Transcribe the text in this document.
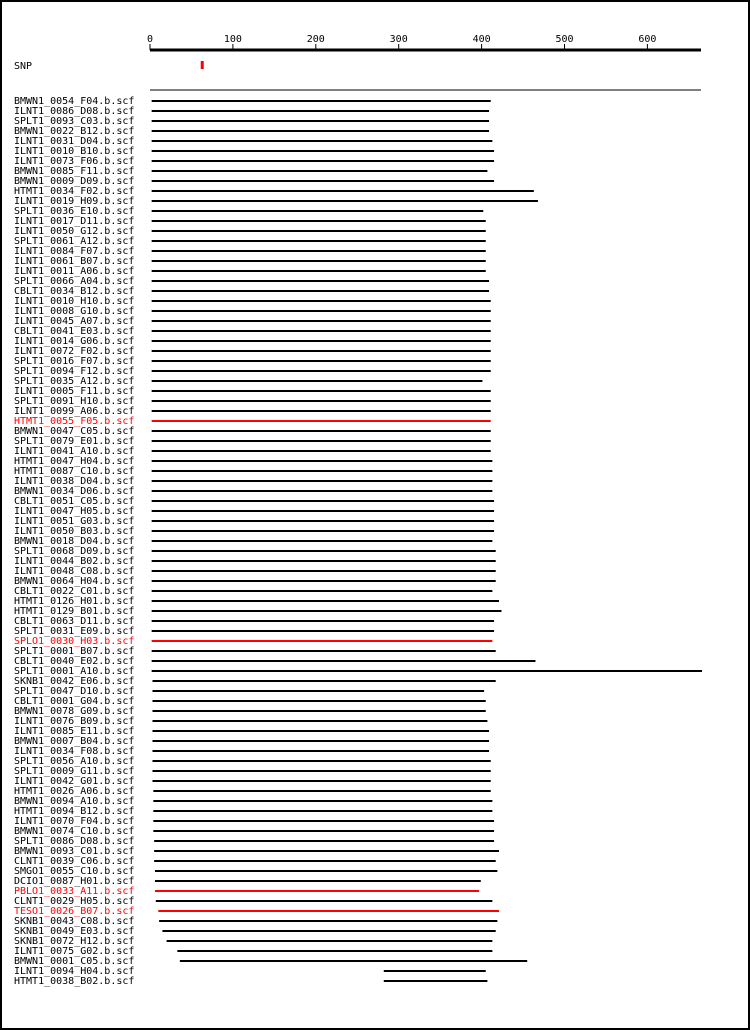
0	100	200	300	400	500	600
SNP
BMWN1_0054_F04.b.scf
ILNT1_0086_D08.b.scf
SPLT1_0093_C03.b.scf
BMWN1_0022_B12.b.scf
ILNT1_0031_D04.b.scf
ILNT1_0010_B10.b.scf
ILNT1_0073_F06.b.scf
BMWN1_0085_F11.b.scf
BMWN1_0009_D09.b.scf
HTMT1_0034_F02.b.scf
ILNT1_0019_H09.b.scf
SPLT1_0036_E10.b.scf
ILNT1_0017_D11.b.scf
ILNT1_0050_G12.b.scf
SPLT1_0061_A12.b.scf
ILNT1_0084_F07.b.scf
ILNT1_0061_B07.b.scf
ILNT1_0011_A06.b.scf
SPLT1_0066_A04.b.scf
CBLT1_0034_B12.b.scf
ILNT1_0010_H10.b.scf
ILNT1_0008_G10.b.scf
ILNT1_0045_A07.b.scf
CBLT1_0041_E03.b.scf
ILNT1_0014_G06.b.scf
ILNT1_0072_F02.b.scf
SPLT1_0016_F07.b.scf
SPLT1_0094_F12.b.scf
SPLT1_0035_A12.b.scf
ILNT1_0005_F11.b.scf
SPLT1_0091_H10.b.scf
ILNT1_0099_A06.b.scf
HTMT1_0055_F05.b.scf
BMWN1_0047_C05.b.scf
SPLT1_0079_E01.b.scf
ILNT1_0041_A10.b.scf
HTMT1_0047_H04.b.scf
HTMT1_0087_C10.b.scf
ILNT1_0038_D04.b.scf
BMWN1_0034_D06.b.scf
CBLT1_0051_C05.b.scf
ILNT1_0047_H05.b.scf
ILNT1_0051_G03.b.scf
ILNT1_0050_B03.b.scf
BMWN1_0018_D04.b.scf
SPLT1_0068_D09.b.scf
ILNT1_0044_B02.b.scf
ILNT1_0048_C08.b.scf
BMWN1_0064_H04.b.scf
CBLT1_0022_C01.b.scf
HTMT1_0126_H01.b.scf
HTMT1_0129_B01.b.scf
CBLT1_0063_D11.b.scf
SPLT1_0031_E09.b.scf
SPLO1_0030_H03.b.scf
SPLT1_0001_B07.b.scf
CBLT1_0040_E02.b.scf
SPLT1_0001_A10.b.scf
SKNB1_0042_E06.b.scf
SPLT1_0047_D10.b.scf
CBLT1_0001_G04.b.scf
BMWN1_0078_G09.b.scf
ILNT1_0076_B09.b.scf
ILNT1_0085_E11.b.scf
BMWN1_0007_B04.b.scf
ILNT1_0034_F08.b.scf
SPLT1_0056_A10.b.scf
SPLT1_0009_G11.b.scf
ILNT1_0042_G01.b.scf
HTMT1_0026_A06.b.scf
BMWN1_0094_A10.b.scf
HTMT1_0094_B12.b.scf
ILNT1_0070_F04.b.scf
BMWN1_0074_C10.b.scf
SPLT1_0086_D08.b.scf
BMWN1_0093_C01.b.scf
CLNT1_0039_C06.b.scf
SMGO1_0055_C10.b.scf
DCIO1_0087_H01.b.scf
PBLO1_0033_A11.b.scf
CLNT1_0029_H05.b.scf
TESO1_0026_B07.b.scf
SKNB1_0043_C08.b.scf
SKNB1_0049_E03.b.scf
SKNB1_0072_H12.b.scf
ILNT1_0075_G02.b.scf
BMWN1_0001_C05.b.scf
ILNT1_0094_H04.b.scf
HTMT1_0038_B02.b.scf
